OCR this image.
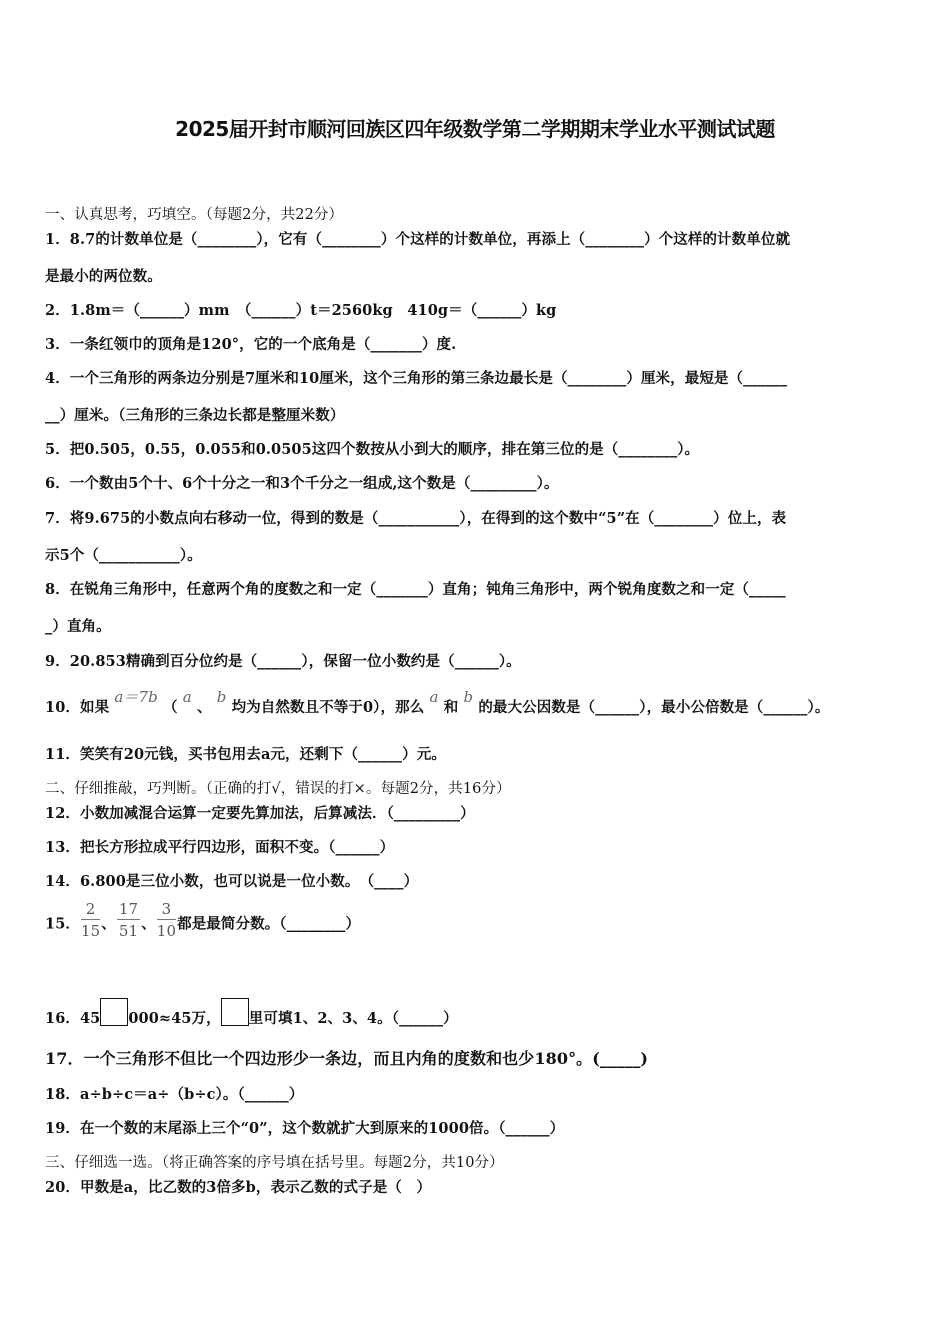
2025届开封市顺河回族区四年级数学第二学期期末学业水平测试试题
一、认真思考，巧填空。（每题2分，共22分）
1．8.7的计数单位是（________），它有（________）个这样的计数单位，再添上（________）个这样的计数单位就
是最小的两位数。
2．1.8m＝（______）mm　（______）t＝2560kg　410g＝（______）kg
3．一条红领巾的顶角是120°，它的一个底角是（_______）度.
4．一个三角形的两条边分别是7厘米和10厘米，这个三角形的第三条边最长是（________）厘米，最短是（______
__）厘米。（三角形的三条边长都是整厘米数）
5．把0.505，0.55，0.055和0.0505这四个数按从小到大的顺序，排在第三位的是（________）。
6．一个数由5个十、6个十分之一和3个千分之一组成,这个数是（_________）。
7．将9.675的小数点向右移动一位，得到的数是（___________），在得到的这个数中“5”在（________）位上，表
示5个（___________）。
8．在锐角三角形中，任意两个角的度数之和一定（_______）直角；钝角三角形中，两个锐角度数之和一定（_____
_）直角。
9．20.853精确到百分位约是（______），保留一位小数约是（______）。
10．如果 a＝7b （ a 、 b 均为自然数且不等于0），那么 a 和 b 的最大公因数是（______），最小公倍数是（______）。
11．笑笑有20元钱，买书包用去a元，还剩下（______）元。
二、仔细推敲，巧判断。（正确的打√，错误的打×。每题2分，共16分）
12．小数加减混合运算一定要先算加法，后算减法．（_________）
13．把长方形拉成平行四边形，面积不变。（______）
14．6.800是三位小数，也可以说是一位小数。　（____）
15． $\frac{2}{15}$ 、 $\frac{17}{51}$ 、 $\frac{3}{10}$ 都是最简分数。（________）
16．45 000≈45万， 里可填1、2、3、4。（______）
17．一个三角形不但比一个四边形少一条边，而且内角的度数和也少180°。(_____)
18．a÷b÷c＝a÷（b÷c）。（______）
19．在一个数的末尾添上三个“0”，这个数就扩大到原来的1000倍。（______）
三、仔细选一选。（将正确答案的序号填在括号里。每题2分，共10分）
20．甲数是a，比乙数的3倍多b，表示乙数的式子是（　）
